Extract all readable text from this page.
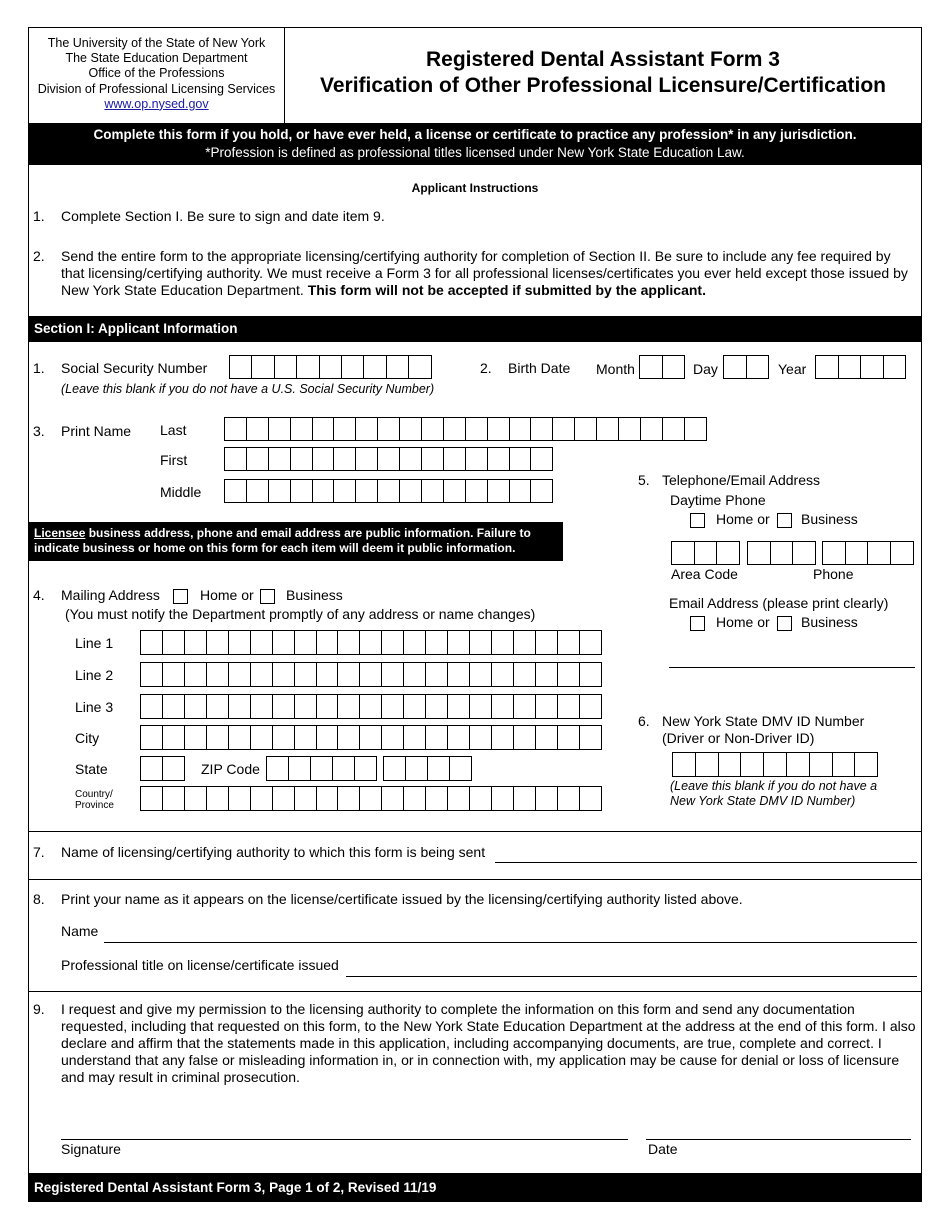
The University of the State of New York
The State Education Department
Office of the Professions
Division of Professional Licensing Services
www.op.nysed.gov
Registered Dental Assistant Form 3
Verification of Other Professional Licensure/Certification
Complete this form if you hold, or have ever held, a license or certificate to practice any profession* in any jurisdiction.
*Profession is defined as professional titles licensed under New York State Education Law.
Applicant Instructions
1. Complete Section I. Be sure to sign and date item 9.
2. Send the entire form to the appropriate licensing/certifying authority for completion of Section II. Be sure to include any fee required by that licensing/certifying authority. We must receive a Form 3 for all professional licenses/certificates you ever held except those issued by New York State Education Department. This form will not be accepted if submitted by the applicant.
Section I: Applicant Information
1. Social Security Number
(Leave this blank if you do not have a U.S. Social Security Number)
2. Birth Date Month	Day	Year
3. Print Name Last
First
Middle
Licensee business address, phone and email address are public information. Failure to indicate business or home on this form for each item will deem it public information.
4. Mailing Address	Home or Business
(You must notify the Department promptly of any address or name changes)
Line 1
Line 2
Line 3
City
State	ZIP Code
Country/
Province
5. Telephone/Email Address
Daytime Phone
Home or Business
Area Code	Phone
Email Address (please print clearly)
Home or Business
6. New York State DMV ID Number
(Driver or Non-Driver ID)
(Leave this blank if you do not have a
New York State DMV ID Number)
7. Name of licensing/certifying authority to which this form is being sent
8. Print your name as it appears on the license/certificate issued by the licensing/certifying authority listed above.
Name
Professional title on license/certificate issued
9. I request and give my permission to the licensing authority to complete the information on this form and send any documentation requested, including that requested on this form, to the New York State Education Department at the address at the end of this form. I also declare and affirm that the statements made in this application, including accompanying documents, are true, complete and correct. I understand that any false or misleading information in, or in connection with, my application may be cause for denial or loss of licensure and may result in criminal prosecution.
Signature	Date
Registered Dental Assistant Form 3, Page 1 of 2, Revised 11/19
